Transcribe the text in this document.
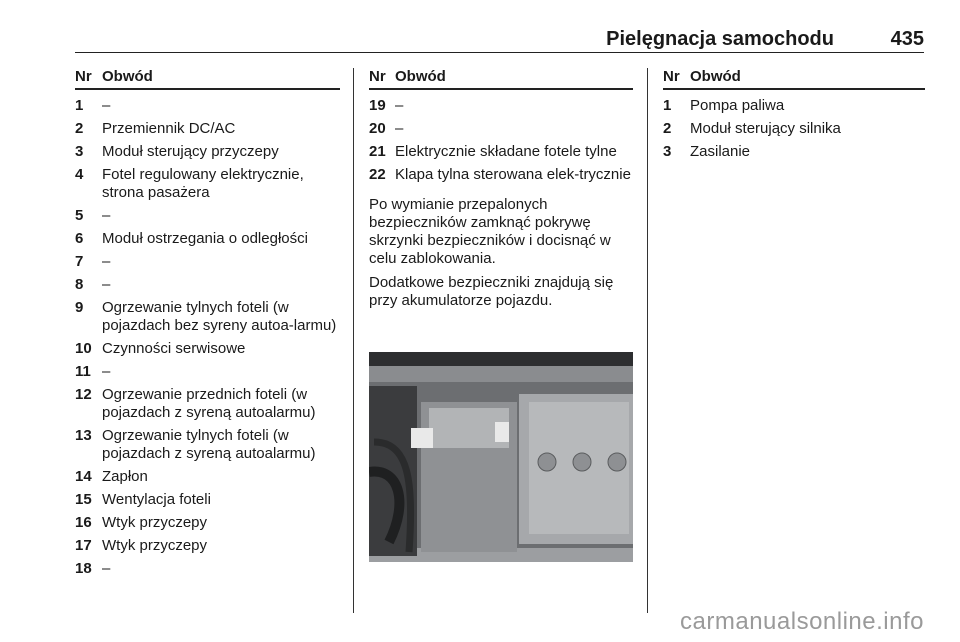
Pielęgnacja samochodu	435
Nr Obwód
1	–
2	Przemiennik DC/AC
3	Moduł sterujący przyczepy
4	Fotel regulowany elektrycznie, strona pasażera
5	–
6	Moduł ostrzegania o odległości
7	–
8	–
9	Ogrzewanie tylnych foteli (w pojazdach bez syreny autoa-larmu)
10 Czynności serwisowe
11 –
12 Ogrzewanie przednich foteli (w pojazdach z syreną autoalarmu)
13 Ogrzewanie tylnych foteli (w pojazdach z syreną autoalarmu)
14 Zapłon
15 Wentylacja foteli
16 Wtyk przyczepy
17 Wtyk przyczepy
18 –
Nr Obwód
19 –
20 –
21 Elektrycznie składane fotele tylne
22 Klapa tylna sterowana elek-trycznie

Po wymianie przepalonych bezpieczników zamknąć pokrywę skrzynki bezpieczników i docisnąć w celu zablokowania.

Dodatkowe bezpieczniki znajdują się przy akumulatorze pojazdu.

Nr Obwód
1	Pompa paliwa
2	Moduł sterujący silnika
3	Zasilanie
carmanualsonline.info
